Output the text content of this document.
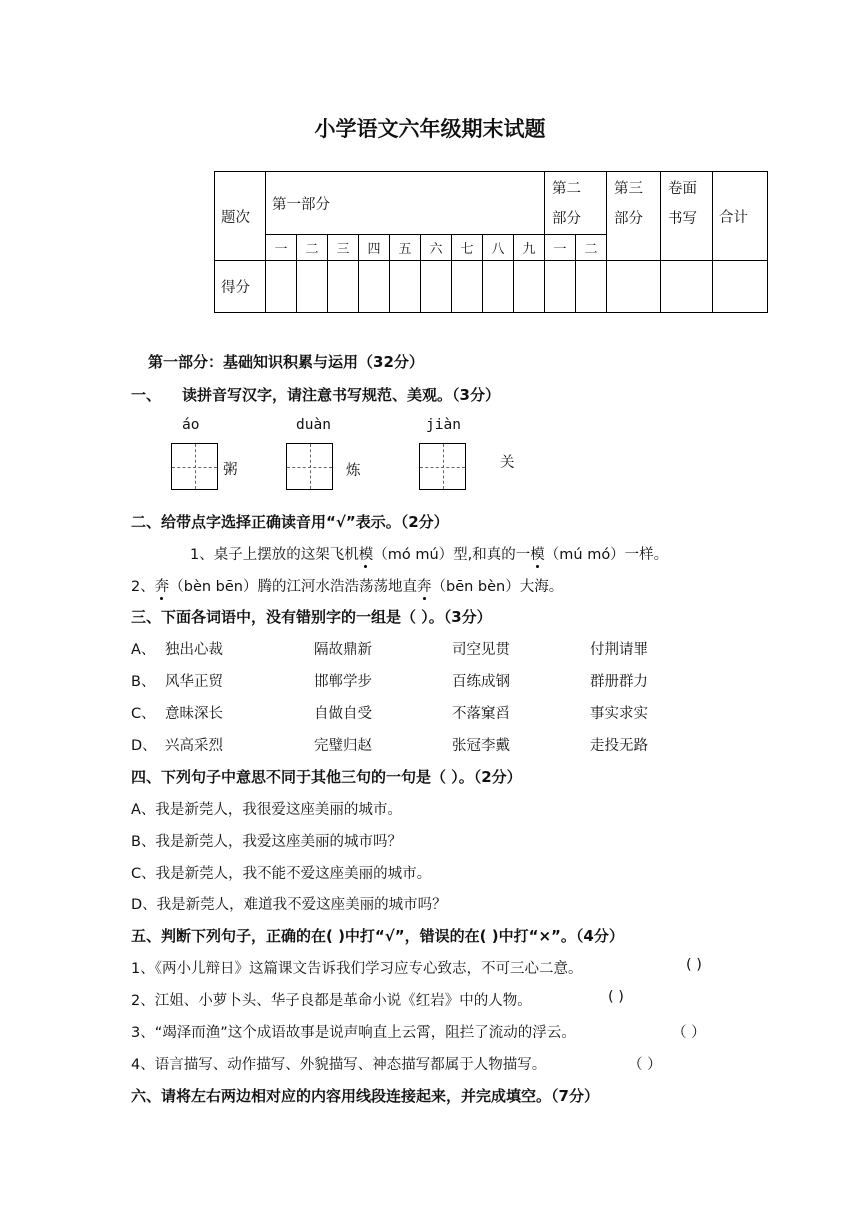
小学语文六年级期末试题
题次	第一部分									第二部分		第三部分	卷面书写	合计
	一	二	三	四	五	六	七	八	九	一	二			
得分														
第一部分：基础知识积累与运用（32分）
一、 读拼音写汉字，请注意书写规范、美观。（3分）
áo
粥
duàn
炼
jiàn
关
二、给带点字选择正确读音用“√”表示。（2分）
1、桌子上摆放的这架飞机模（mó mú）型,和真的一模（mú mó）一样。
2、奔（bèn bēn）腾的江河水浩浩荡荡地直奔（bēn bèn）大海。
三、下面各词语中，没有错别字的一组是（ ）。（3分）
A、 独出心裁	隔故鼎新	司空见贯	付荆请罪
B、 风华正贸	邯郸学步	百练成钢	群册群力
C、 意昧深长	自做自受	不落窠舀	事实求实
D、 兴高采烈	完璧归赵	张冠李戴	走投无路
四、下列句子中意思不同于其他三句的一句是（ ）。（2分）
A、我是新莞人，我很爱这座美丽的城市。
B、我是新莞人，我爱这座美丽的城市吗？
C、我是新莞人，我不能不爱这座美丽的城市。
D、我是新莞人，难道我不爱这座美丽的城市吗？
五、判断下列句子，正确的在( )中打“√”，错误的在( )中打“×”。（4分）
1、《两小儿辩日》这篇课文告诉我们学习应专心致志，不可三心二意。	( )
2、江姐、小萝卜头、华子良都是革命小说《红岩》中的人物。	( )
3、“竭泽而渔”这个成语故事是说声响直上云霄，阻拦了流动的浮云。	（ ）
4、语言描写、动作描写、外貌描写、神态描写都属于人物描写。	（ ）
六、请将左右两边相对应的内容用线段连接起来，并完成填空。（7分）
